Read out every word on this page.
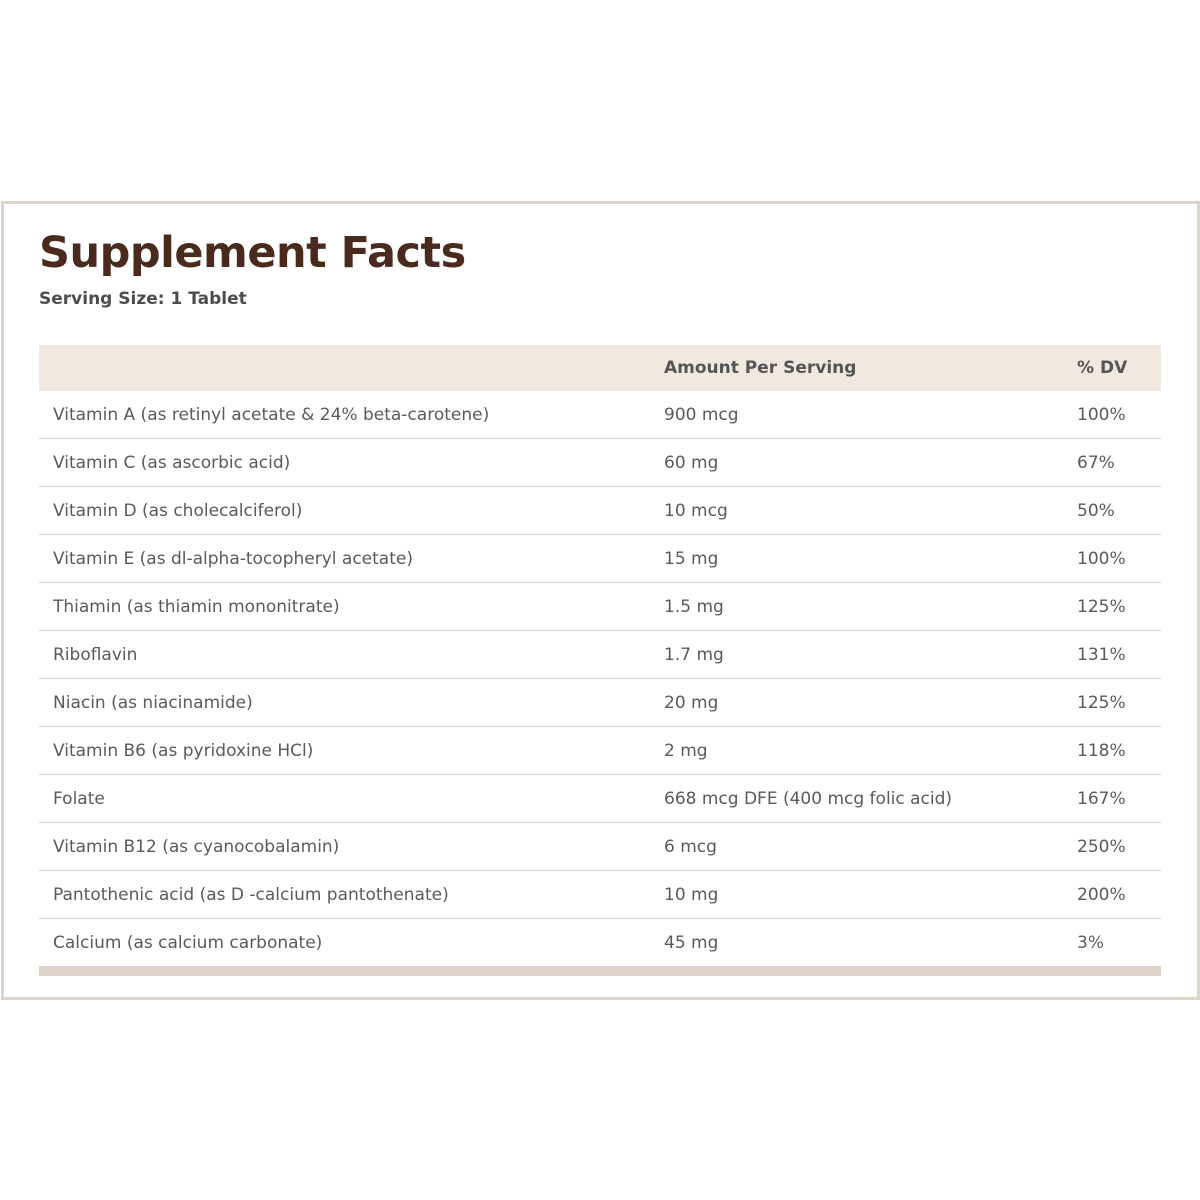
Supplement Facts
Serving Size: 1 Tablet
	Amount Per Serving	% DV
Vitamin A (as retinyl acetate & 24% beta-carotene)	900 mcg	100%
Vitamin C (as ascorbic acid)	60 mg	67%
Vitamin D (as cholecalciferol)	10 mcg	50%
Vitamin E (as dl-alpha-tocopheryl acetate)	15 mg	100%
Thiamin (as thiamin mononitrate)	1.5 mg	125%
Riboflavin	1.7 mg	131%
Niacin (as niacinamide)	20 mg	125%
Vitamin B6 (as pyridoxine HCl)	2 mg	118%
Folate	668 mcg DFE (400 mcg folic acid)	167%
Vitamin B12 (as cyanocobalamin)	6 mcg	250%
Pantothenic acid (as D -calcium pantothenate)	10 mg	200%
Calcium (as calcium carbonate)	45 mg	3%
